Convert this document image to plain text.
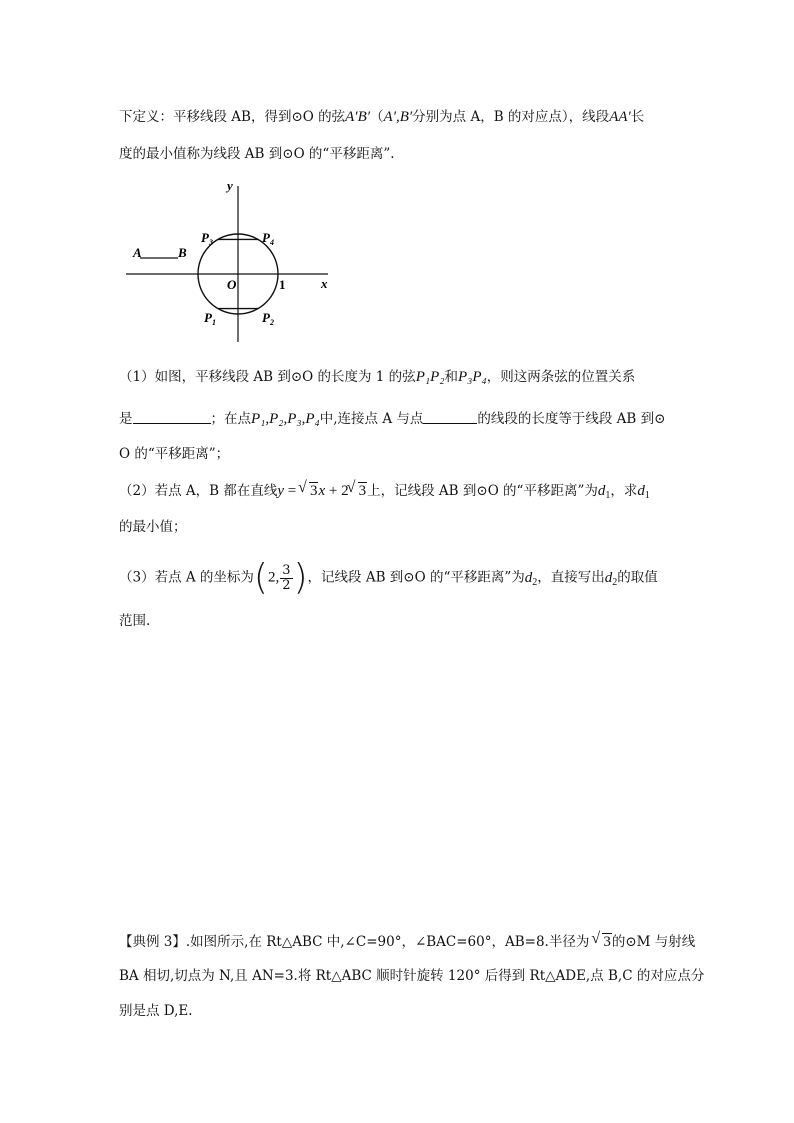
下定义：平移线段 AB，得到⊙O 的弦A′B′（A′,B′分别为点 A，B 的对应点），线段AA′长
度的最小值称为线段 AB 到⊙O 的“平移距离”.
A	B
y
x
O	1
$P_3$	$P_4$
$P_1$	$P_2$
（1）如图，平移线段 AB 到⊙O 的长度为 1 的弦P₁P₂和P₃P₄，则这两条弦的位置关系
是	；在点P₁,P₂,P₃,P₄中,连接点 A 与点	的线段的长度等于线段 AB 到⊙
O 的“平移距离”；
（2）若点 A，B 都在直线y = √ 3x + 2 √ 3上，记线段 AB 到⊙O 的“平移距离”为$d_1$，求$d_1$
的最小值；
（3）若点 A 的坐标为(2, $\frac{3}{2}$ )，记线段 AB 到⊙O 的“平移距离”为$d_2$，直接写出$d_2$的取值
范围.
【典例 3】.如图所示,在 Rt△ABC 中,∠C=90°，∠BAC=60°，AB=8.半径为 √ 3的⊙M 与射线
BA 相切,切点为 N,且 AN=3.将 Rt△ABC 顺时针旋转 120° 后得到 Rt△ADE,点 B,C 的对应点分
别是点 D,E.
